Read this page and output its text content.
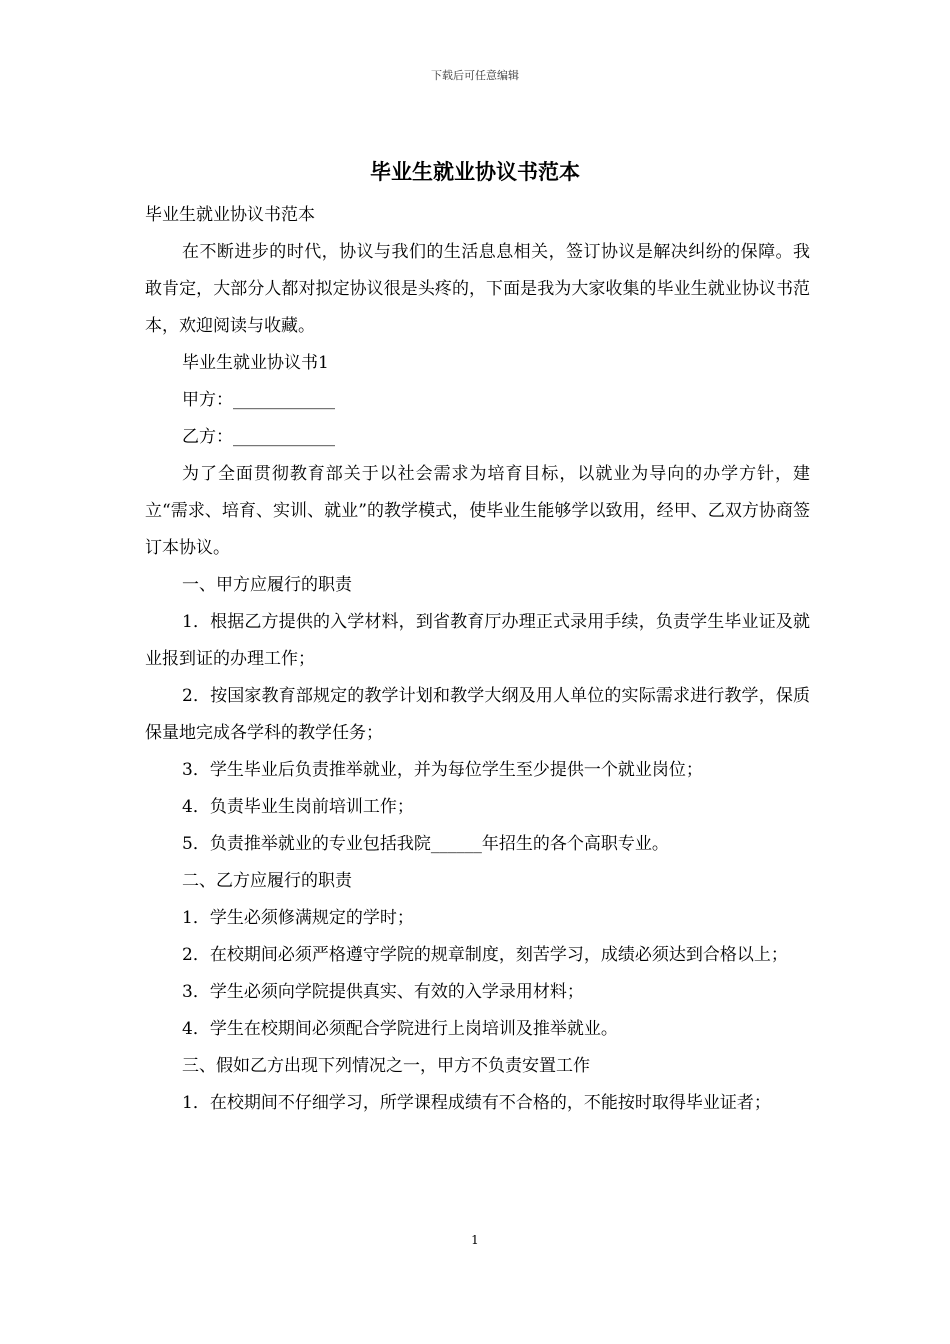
下载后可任意编辑
毕业生就业协议书范本

毕业生就业协议书范本

在不断进步的时代，协议与我们的生活息息相关，签订协议是解决纠纷的保障。我敢肯定，大部分人都对拟定协议很是头疼的，下面是我为大家收集的毕业生就业协议书范本，欢迎阅读与收藏。

毕业生就业协议书1

甲方：____________

乙方：____________

为了全面贯彻教育部关于以社会需求为培育目标，以就业为导向的办学方针，建立“需求、培育、实训、就业”的教学模式，使毕业生能够学以致用，经甲、乙双方协商签订本协议。

一、甲方应履行的职责

1．根据乙方提供的入学材料，到省教育厅办理正式录用手续，负责学生毕业证及就业报到证的办理工作；

2．按国家教育部规定的教学计划和教学大纲及用人单位的实际需求进行教学，保质保量地完成各学科的教学任务；

3．学生毕业后负责推举就业，并为每位学生至少提供一个就业岗位；

4．负责毕业生岗前培训工作；

5．负责推举就业的专业包括我院______年招生的各个高职专业。

二、乙方应履行的职责

1．学生必须修满规定的学时；

2．在校期间必须严格遵守学院的规章制度，刻苦学习，成绩必须达到合格以上；

3．学生必须向学院提供真实、有效的入学录用材料；

4．学生在校期间必须配合学院进行上岗培训及推举就业。

三、假如乙方出现下列情况之一，甲方不负责安置工作

1．在校期间不仔细学习，所学课程成绩有不合格的，不能按时取得毕业证者；

1
